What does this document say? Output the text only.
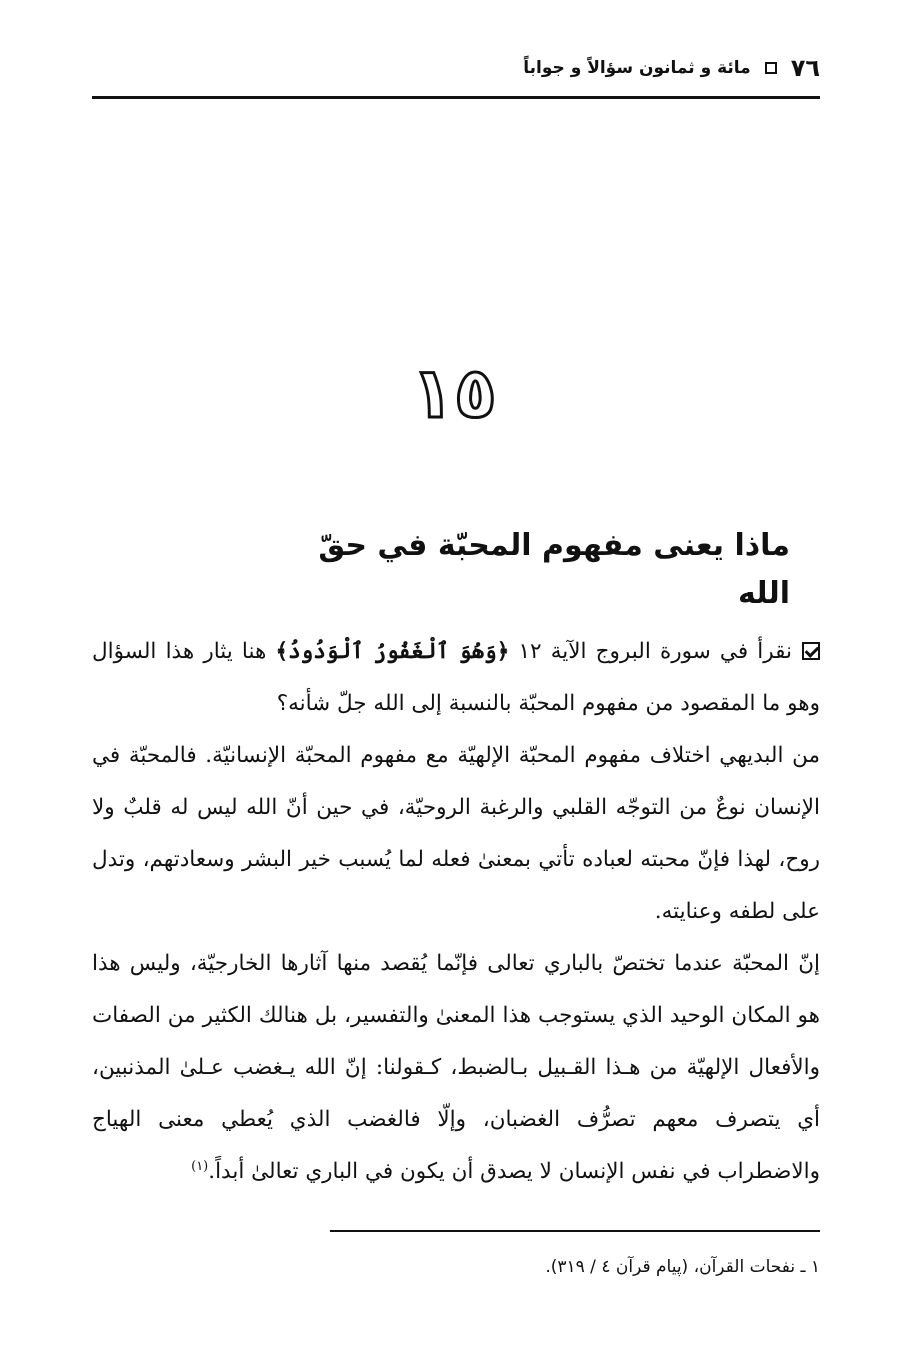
٧٦
مائة و ثمانون سؤالاً و جواباً
١٥
ماذا يعنى مفهوم المحبّة في حقّ الله

نقرأ في سورة البروج الآية ١٢ ﴿وَهُوَ ٱلْغَفُورُ ٱلْوَدُودُ﴾ هنا يثار هذا السؤال وهو ما المقصود من مفهوم المحبّة بالنسبة إلى الله جلّ شأنه؟

من البديهي اختلاف مفهوم المحبّة الإلهيّة مع مفهوم المحبّة الإنسانيّة. فالمحبّة في الإنسان نوعٌ من التوجّه القلبي والرغبة الروحيّة، في حين أنّ الله ليس له قلبٌ ولا روح، لهذا فإنّ محبته لعباده تأتي بمعنىٰ فعله لما يُسبب خير البشر وسعادتهم، وتدل على لطفه وعنايته.

إنّ المحبّة عندما تختصّ بالباري تعالى فإنّما يُقصد منها آثارها الخارجيّة، وليس هذا هو المكان الوحيد الذي يستوجب هذا المعنىٰ والتفسير، بل هنالك الكثير من الصفات والأفعال الإلهيّة من هـذا القـبيل بـالضبط، كـقولنا: إنّ الله يـغضب عـلىٰ المذنبين، أي يتصرف معهم تصرُّف الغضبان، وإلّا فالغضب الذي يُعطي معنى الهياج والاضطراب في نفس الإنسان لا يصدق أن يكون في الباري تعالىٰ أبداً.$^{(١)}$

١ ـ نفحات القرآن، (پيام قرآن ٤ / ٣١٩).
